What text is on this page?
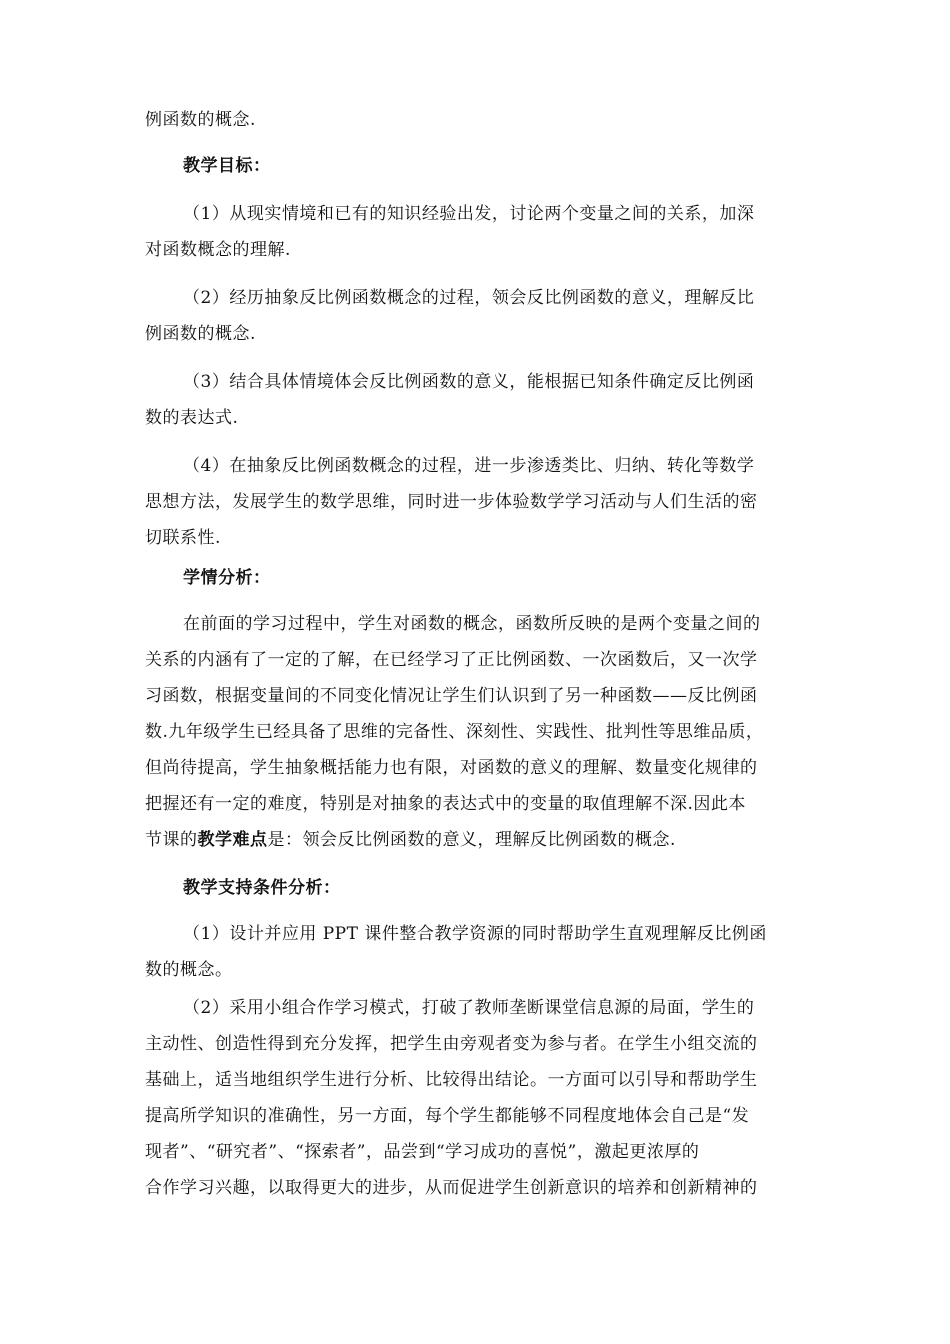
例函数的概念.
教学目标：
（1）从现实情境和已有的知识经验出发，讨论两个变量之间的关系，加深
对函数概念的理解.
（2）经历抽象反比例函数概念的过程，领会反比例函数的意义，理解反比
例函数的概念.
（3）结合具体情境体会反比例函数的意义，能根据已知条件确定反比例函
数的表达式.
（4）在抽象反比例函数概念的过程，进一步渗透类比、归纳、转化等数学
思想方法，发展学生的数学思维，同时进一步体验数学学习活动与人们生活的密
切联系性.
学情分析：
在前面的学习过程中，学生对函数的概念，函数所反映的是两个变量之间的
关系的内涵有了一定的了解，在已经学习了正比例函数、一次函数后，又一次学
习函数，根据变量间的不同变化情况让学生们认识到了另一种函数——反比例函
数.九年级学生已经具备了思维的完备性、深刻性、实践性、批判性等思维品质，
但尚待提高，学生抽象概括能力也有限，对函数的意义的理解、数量变化规律的
把握还有一定的难度，特别是对抽象的表达式中的变量的取值理解不深.因此本
节课的教学难点是：领会反比例函数的意义，理解反比例函数的概念.
教学支持条件分析：
（1）设计并应用 PPT 课件整合教学资源的同时帮助学生直观理解反比例函
数的概念。
（2）采用小组合作学习模式，打破了教师垄断课堂信息源的局面，学生的
主动性、创造性得到充分发挥，把学生由旁观者变为参与者。在学生小组交流的
基础上，适当地组织学生进行分析、比较得出结论。一方面可以引导和帮助学生
提高所学知识的准确性，另一方面，每个学生都能够不同程度地体会自己是“发
现者”、“研究者”、“探索者”，品尝到“学习成功的喜悦”，激起更浓厚的
合作学习兴趣，以取得更大的进步，从而促进学生创新意识的培养和创新精神的
